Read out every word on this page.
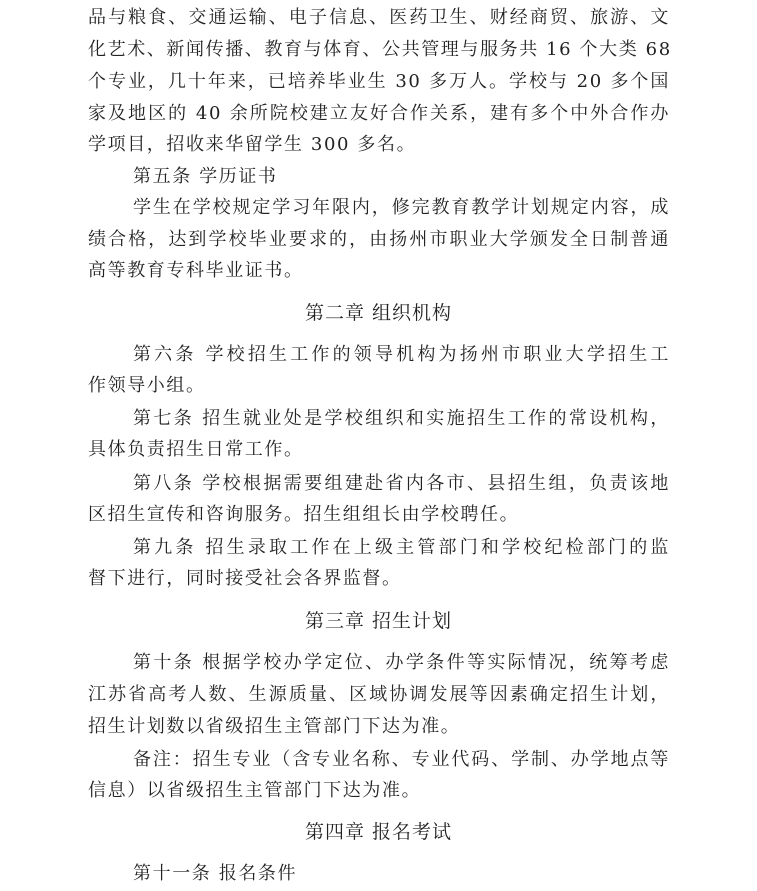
品与粮食、交通运输、电子信息、医药卫生、财经商贸、旅游、文
化艺术、新闻传播、教育与体育、公共管理与服务共 16 个大类 68
个专业，几十年来，已培养毕业生 30 多万人。学校与 20 多个国
家及地区的 40 余所院校建立友好合作关系，建有多个中外合作办
学项目，招收来华留学生 300 多名。
第五条 学历证书
学生在学校规定学习年限内，修完教育教学计划规定内容，成
绩合格，达到学校毕业要求的，由扬州市职业大学颁发全日制普通
高等教育专科毕业证书。
第二章 组织机构
第六条 学校招生工作的领导机构为扬州市职业大学招生工
作领导小组。
第七条 招生就业处是学校组织和实施招生工作的常设机构，
具体负责招生日常工作。
第八条 学校根据需要组建赴省内各市、县招生组，负责该地
区招生宣传和咨询服务。招生组组长由学校聘任。
第九条 招生录取工作在上级主管部门和学校纪检部门的监
督下进行，同时接受社会各界监督。
第三章 招生计划
第十条 根据学校办学定位、办学条件等实际情况，统筹考虑
江苏省高考人数、生源质量、区域协调发展等因素确定招生计划，
招生计划数以省级招生主管部门下达为准。
备注：招生专业（含专业名称、专业代码、学制、办学地点等
信息）以省级招生主管部门下达为准。
第四章 报名考试
第十一条 报名条件
